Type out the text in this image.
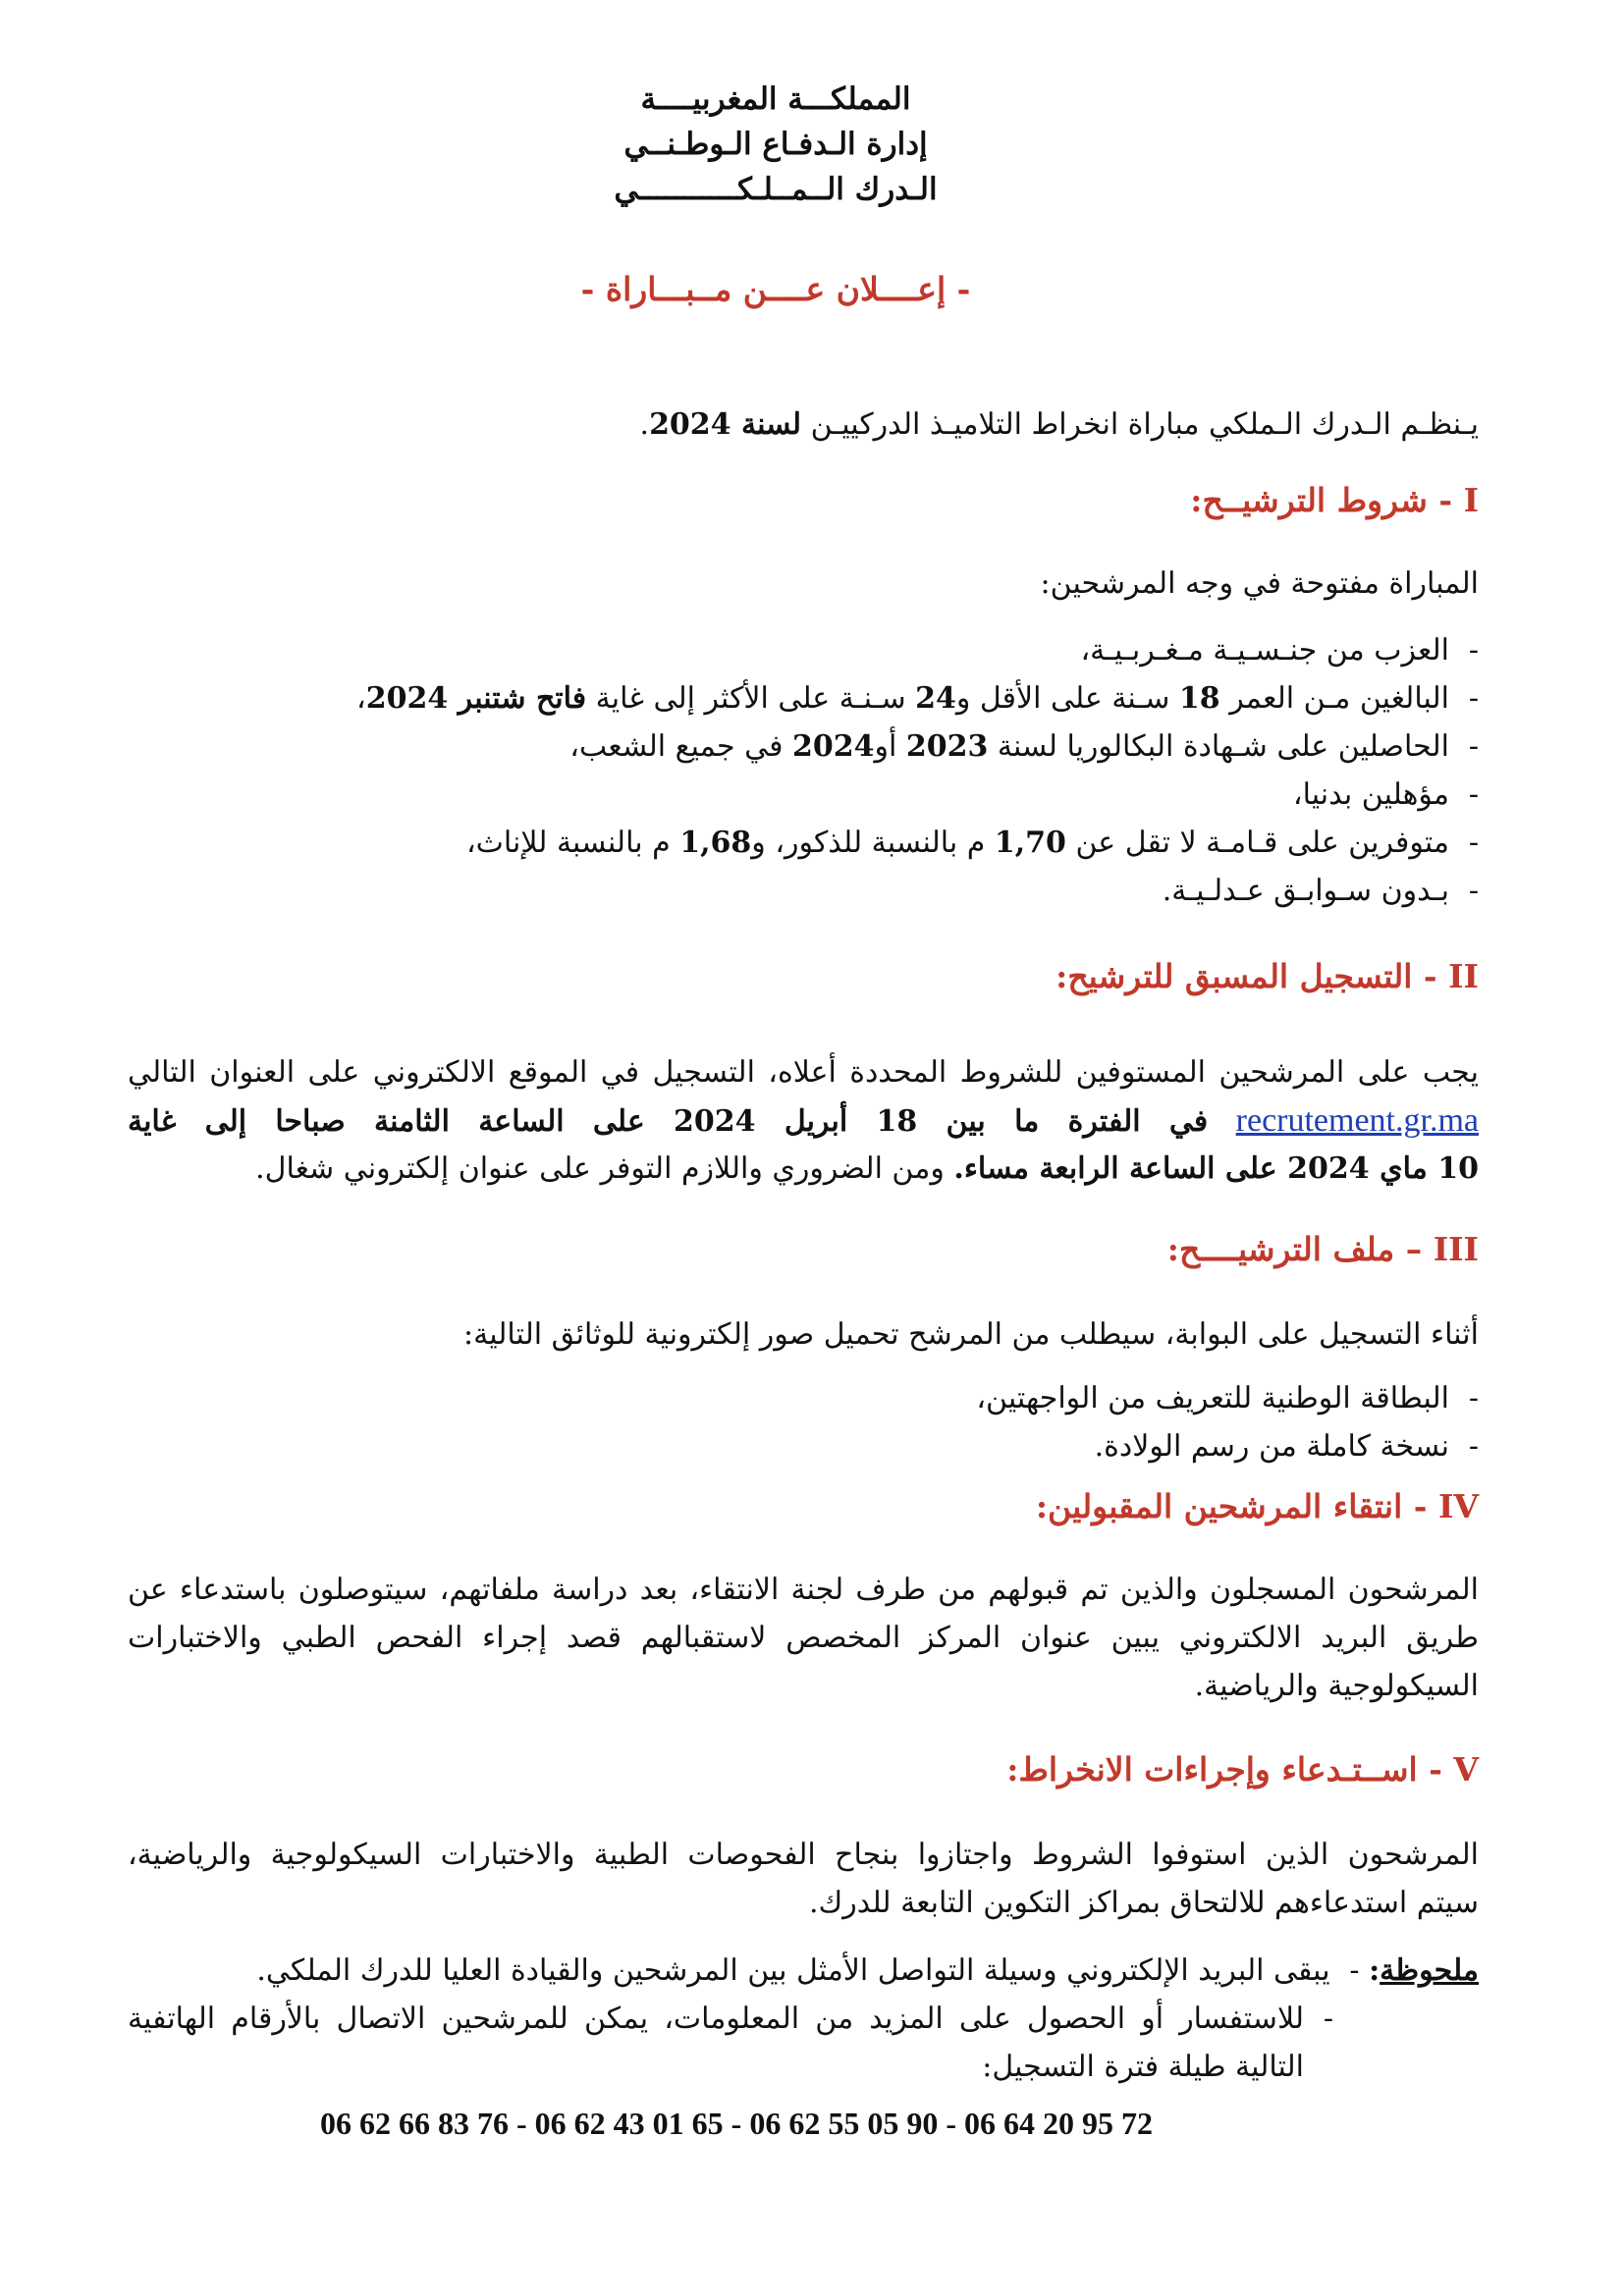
المملكـــة المغربيــــة
إدارة الـدفـاع الـوطـنــي
الـدرك الــمــلـكـــــــــــي
- إعــــلان عــــن مــبـــاراة -
يـنظـم الـدرك الـملكي مباراة انخراط التلاميـذ الدركييـن لسنة 2024.
I - شروط الترشيــح:
المباراة مفتوحة في وجه المرشحين:
-العزب من جنـسـيـة مـغـربـيـة،
-البالغين مـن العمر 18 سـنة على الأقل و24 سـنـة على الأكثر إلى غاية فاتح شتنبر 2024،
-الحاصلين على شـهادة البكالوريا لسنة 2023 أو2024 في جميع الشعب،
-مؤهلين بدنيا،
-متوفرين على قـامـة لا تقل عن 1,70 م بالنسبة للذكور، و1,68 م بالنسبة للإناث،
-بـدون سـوابـق عـدلـيـة.
II - التسجيل المسبق للترشيح:
يجب على المرشحين المستوفين للشروط المحددة أعلاه، التسجيل في الموقع الالكتروني على العنوان التالي
recrutement.gr.ma في الفترة ما بين 18 أبريل 2024 على الساعة الثامنة صباحا إلى غاية
10 ماي 2024 على الساعة الرابعة مساء. ومن الضروري واللازم التوفر على عنوان إلكتروني شغال.
III – ملف الترشيــــح:
أثناء التسجيل على البوابة، سيطلب من المرشح تحميل صور إلكترونية للوثائق التالية:
-البطاقة الوطنية للتعريف من الواجهتين،
-نسخة كاملة من رسم الولادة.
IV - انتقاء المرشحين المقبولين:
المرشحون المسجلون والذين تم قبولهم من طرف لجنة الانتقاء، بعد دراسة ملفاتهم، سيتوصلون باستدعاء عن
طريق البريد الالكتروني يبين عنوان المركز المخصص لاستقبالهم قصد إجراء الفحص الطبي والاختبارات
السيكولوجية والرياضية.
V - اســتـدعاء وإجراءات الانخراط:
المرشحون الذين استوفوا الشروط واجتازوا بنجاح الفحوصات الطبية والاختبارات السيكولوجية والرياضية،
سيتم استدعاءهم للالتحاق بمراكز التكوين التابعة للدرك.
ملحوظة: -يبقى البريد الإلكتروني وسيلة التواصل الأمثل بين المرشحين والقيادة العليا للدرك الملكي.
-للاستفسار أو الحصول على المزيد من المعلومات، يمكن للمرشحين الاتصال بالأرقام الهاتفية
التالية طيلة فترة التسجيل:
06 62 66 83 76 - 06 62 43 01 65 - 06 62 55 05 90 - 06 64 20 95 72
